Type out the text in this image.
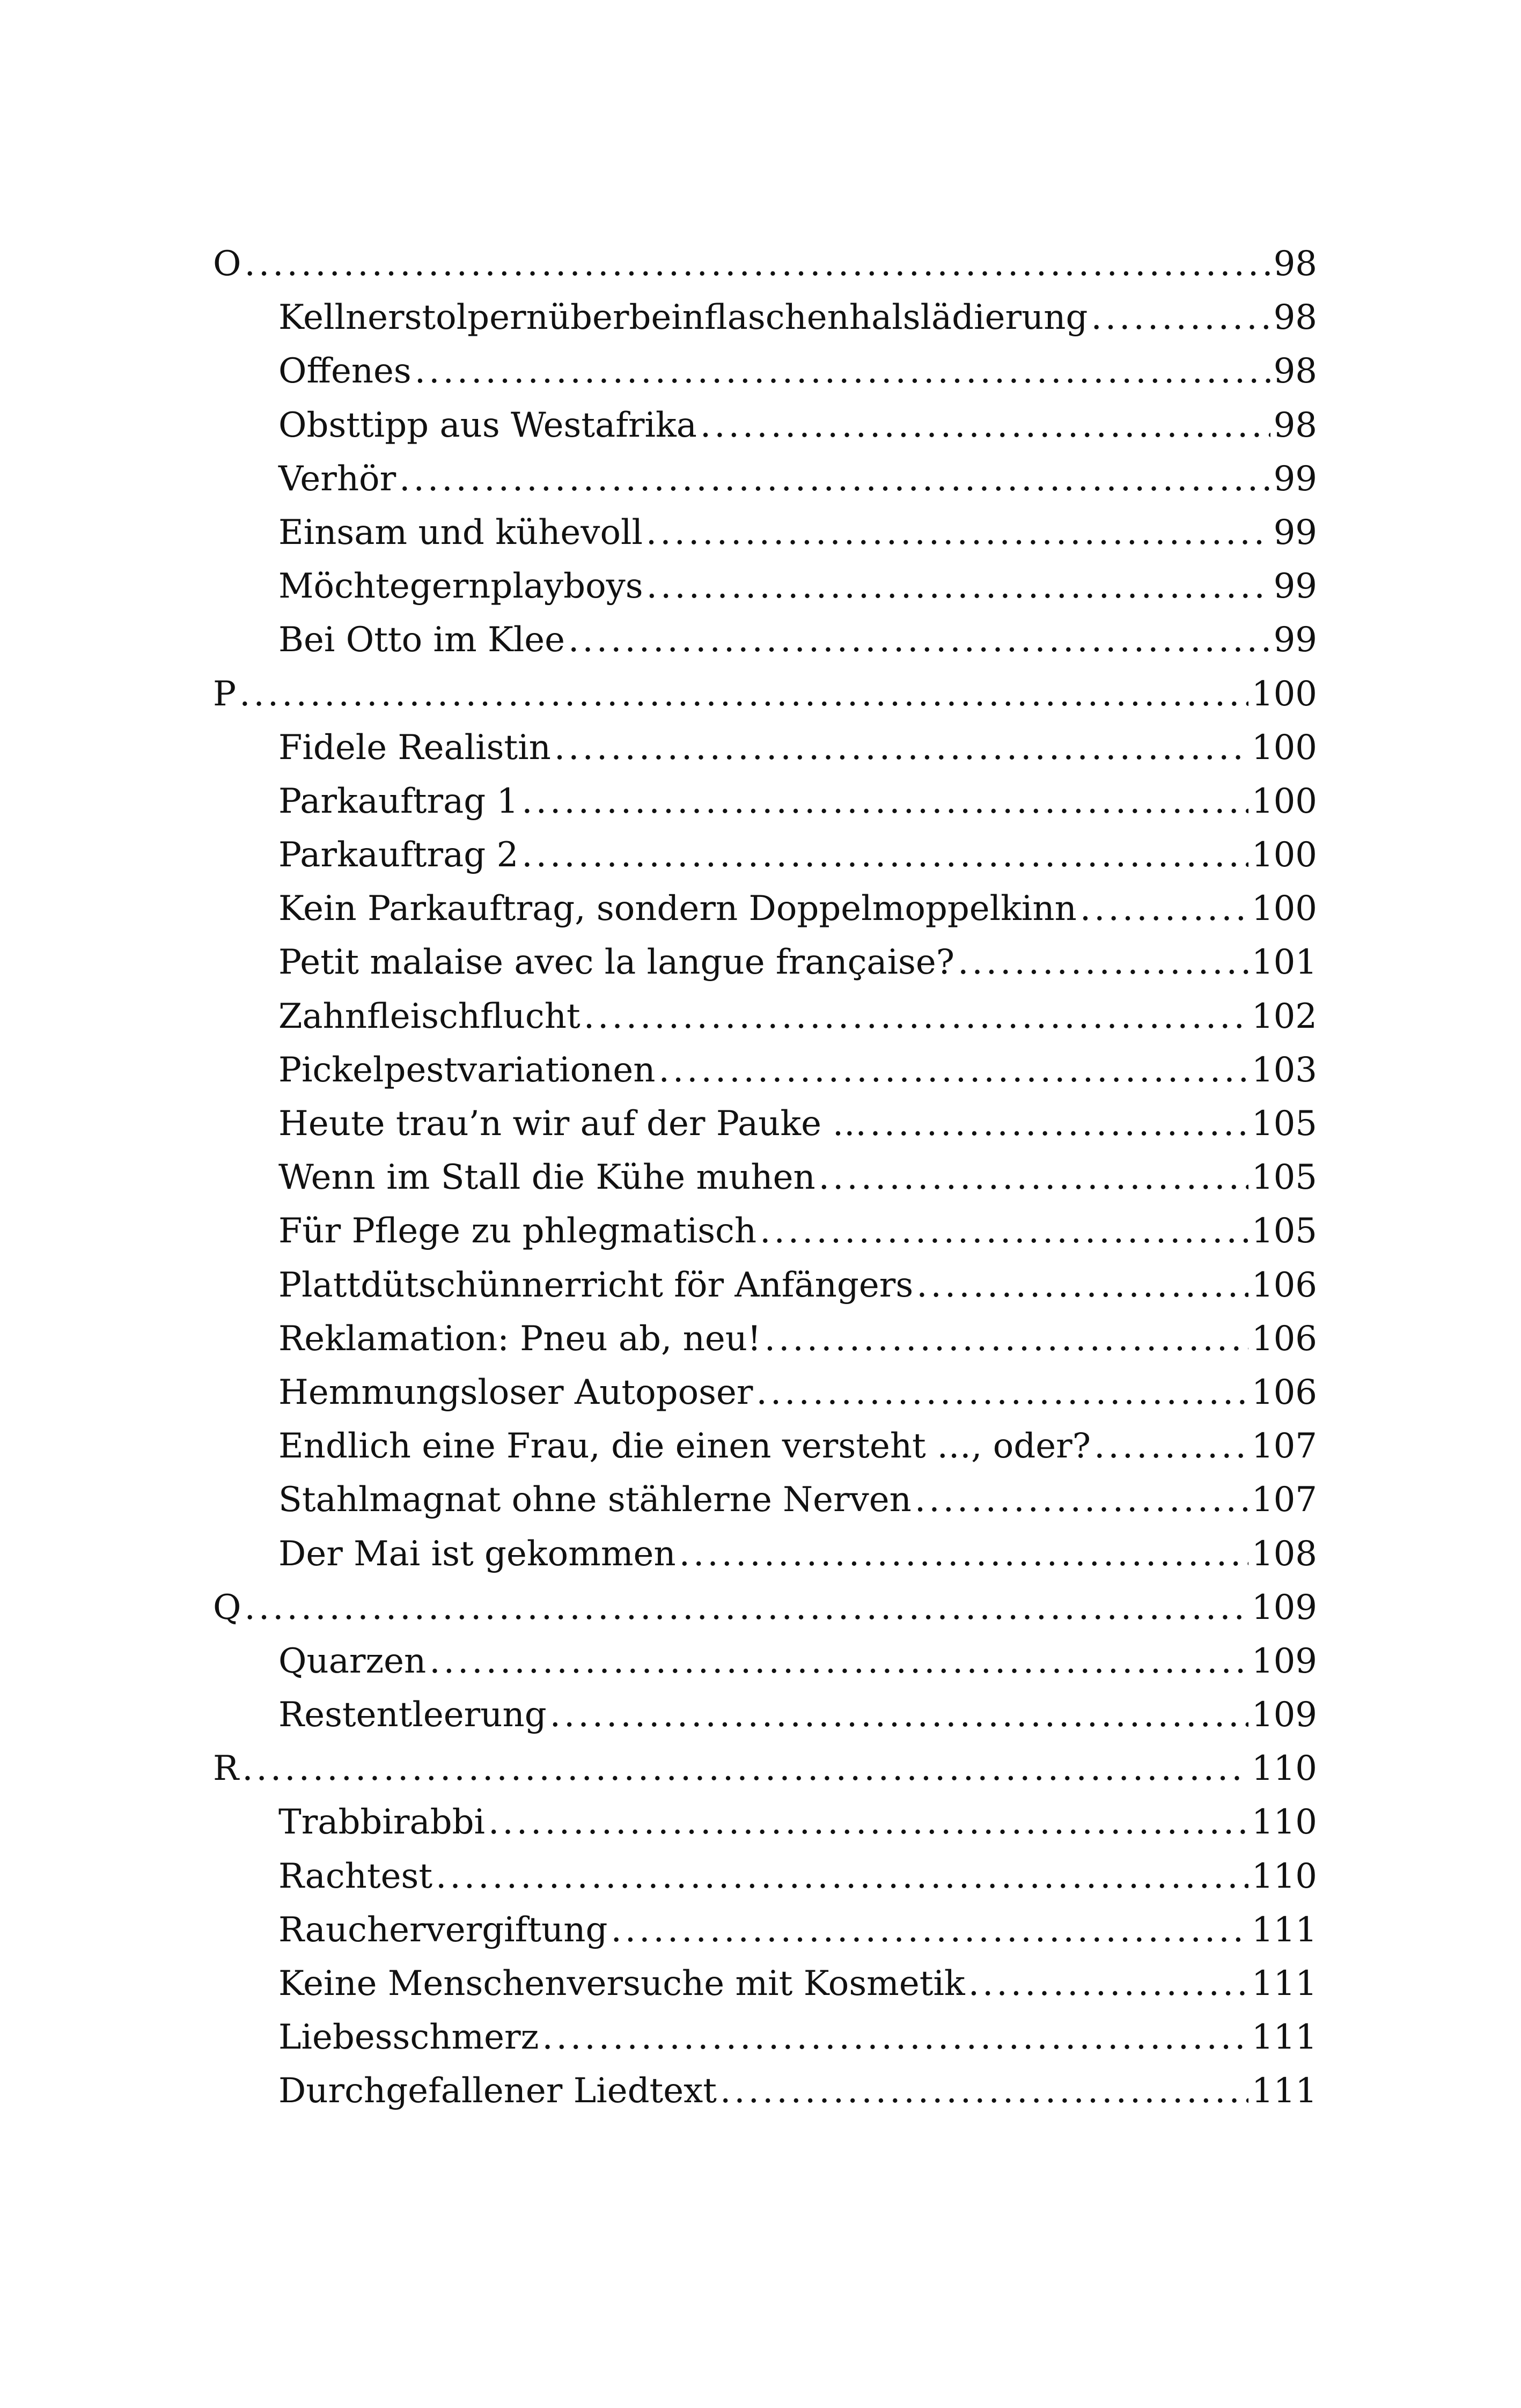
O .....	98
Kellnerstolpernüberbeinflaschenhalslädierung .....	98
Offenes .....	98
Obsttipp aus Westafrika .....	98
Verhör .....	99
Einsam und kühevoll .....	99
Möchtegernplayboys .....	99
Bei Otto im Klee .....	99
P .....	100
Fidele Realistin .....	100
Parkauftrag 1 .....	100
Parkauftrag 2 .....	100
Kein Parkauftrag, sondern Doppelmoppelkinn .....	100
Petit malaise avec la langue française? .....	101
Zahnfleischflucht .....	102
Pickelpestvariationen .....	103
Heute trau’n wir auf der Pauke … .....	105
Wenn im Stall die Kühe muhen .....	105
Für Pflege zu phlegmatisch .....	105
Plattdütschünnerricht för Anfängers .....	106
Reklamation: Pneu ab, neu! .....	106
Hemmungsloser Autoposer .....	106
Endlich eine Frau, die einen versteht …, oder? .....	107
Stahlmagnat ohne stählerne Nerven .....	107
Der Mai ist gekommen .....	108
Q .....	109
Quarzen .....	109
Restentleerung .....	109
R .....	110
Trabbirabbi .....	110
Rachtest .....	110
Rauchervergiftung .....	111
Keine Menschenversuche mit Kosmetik .....	111
Liebesschmerz .....	111
Durchgefallener Liedtext .....	111
